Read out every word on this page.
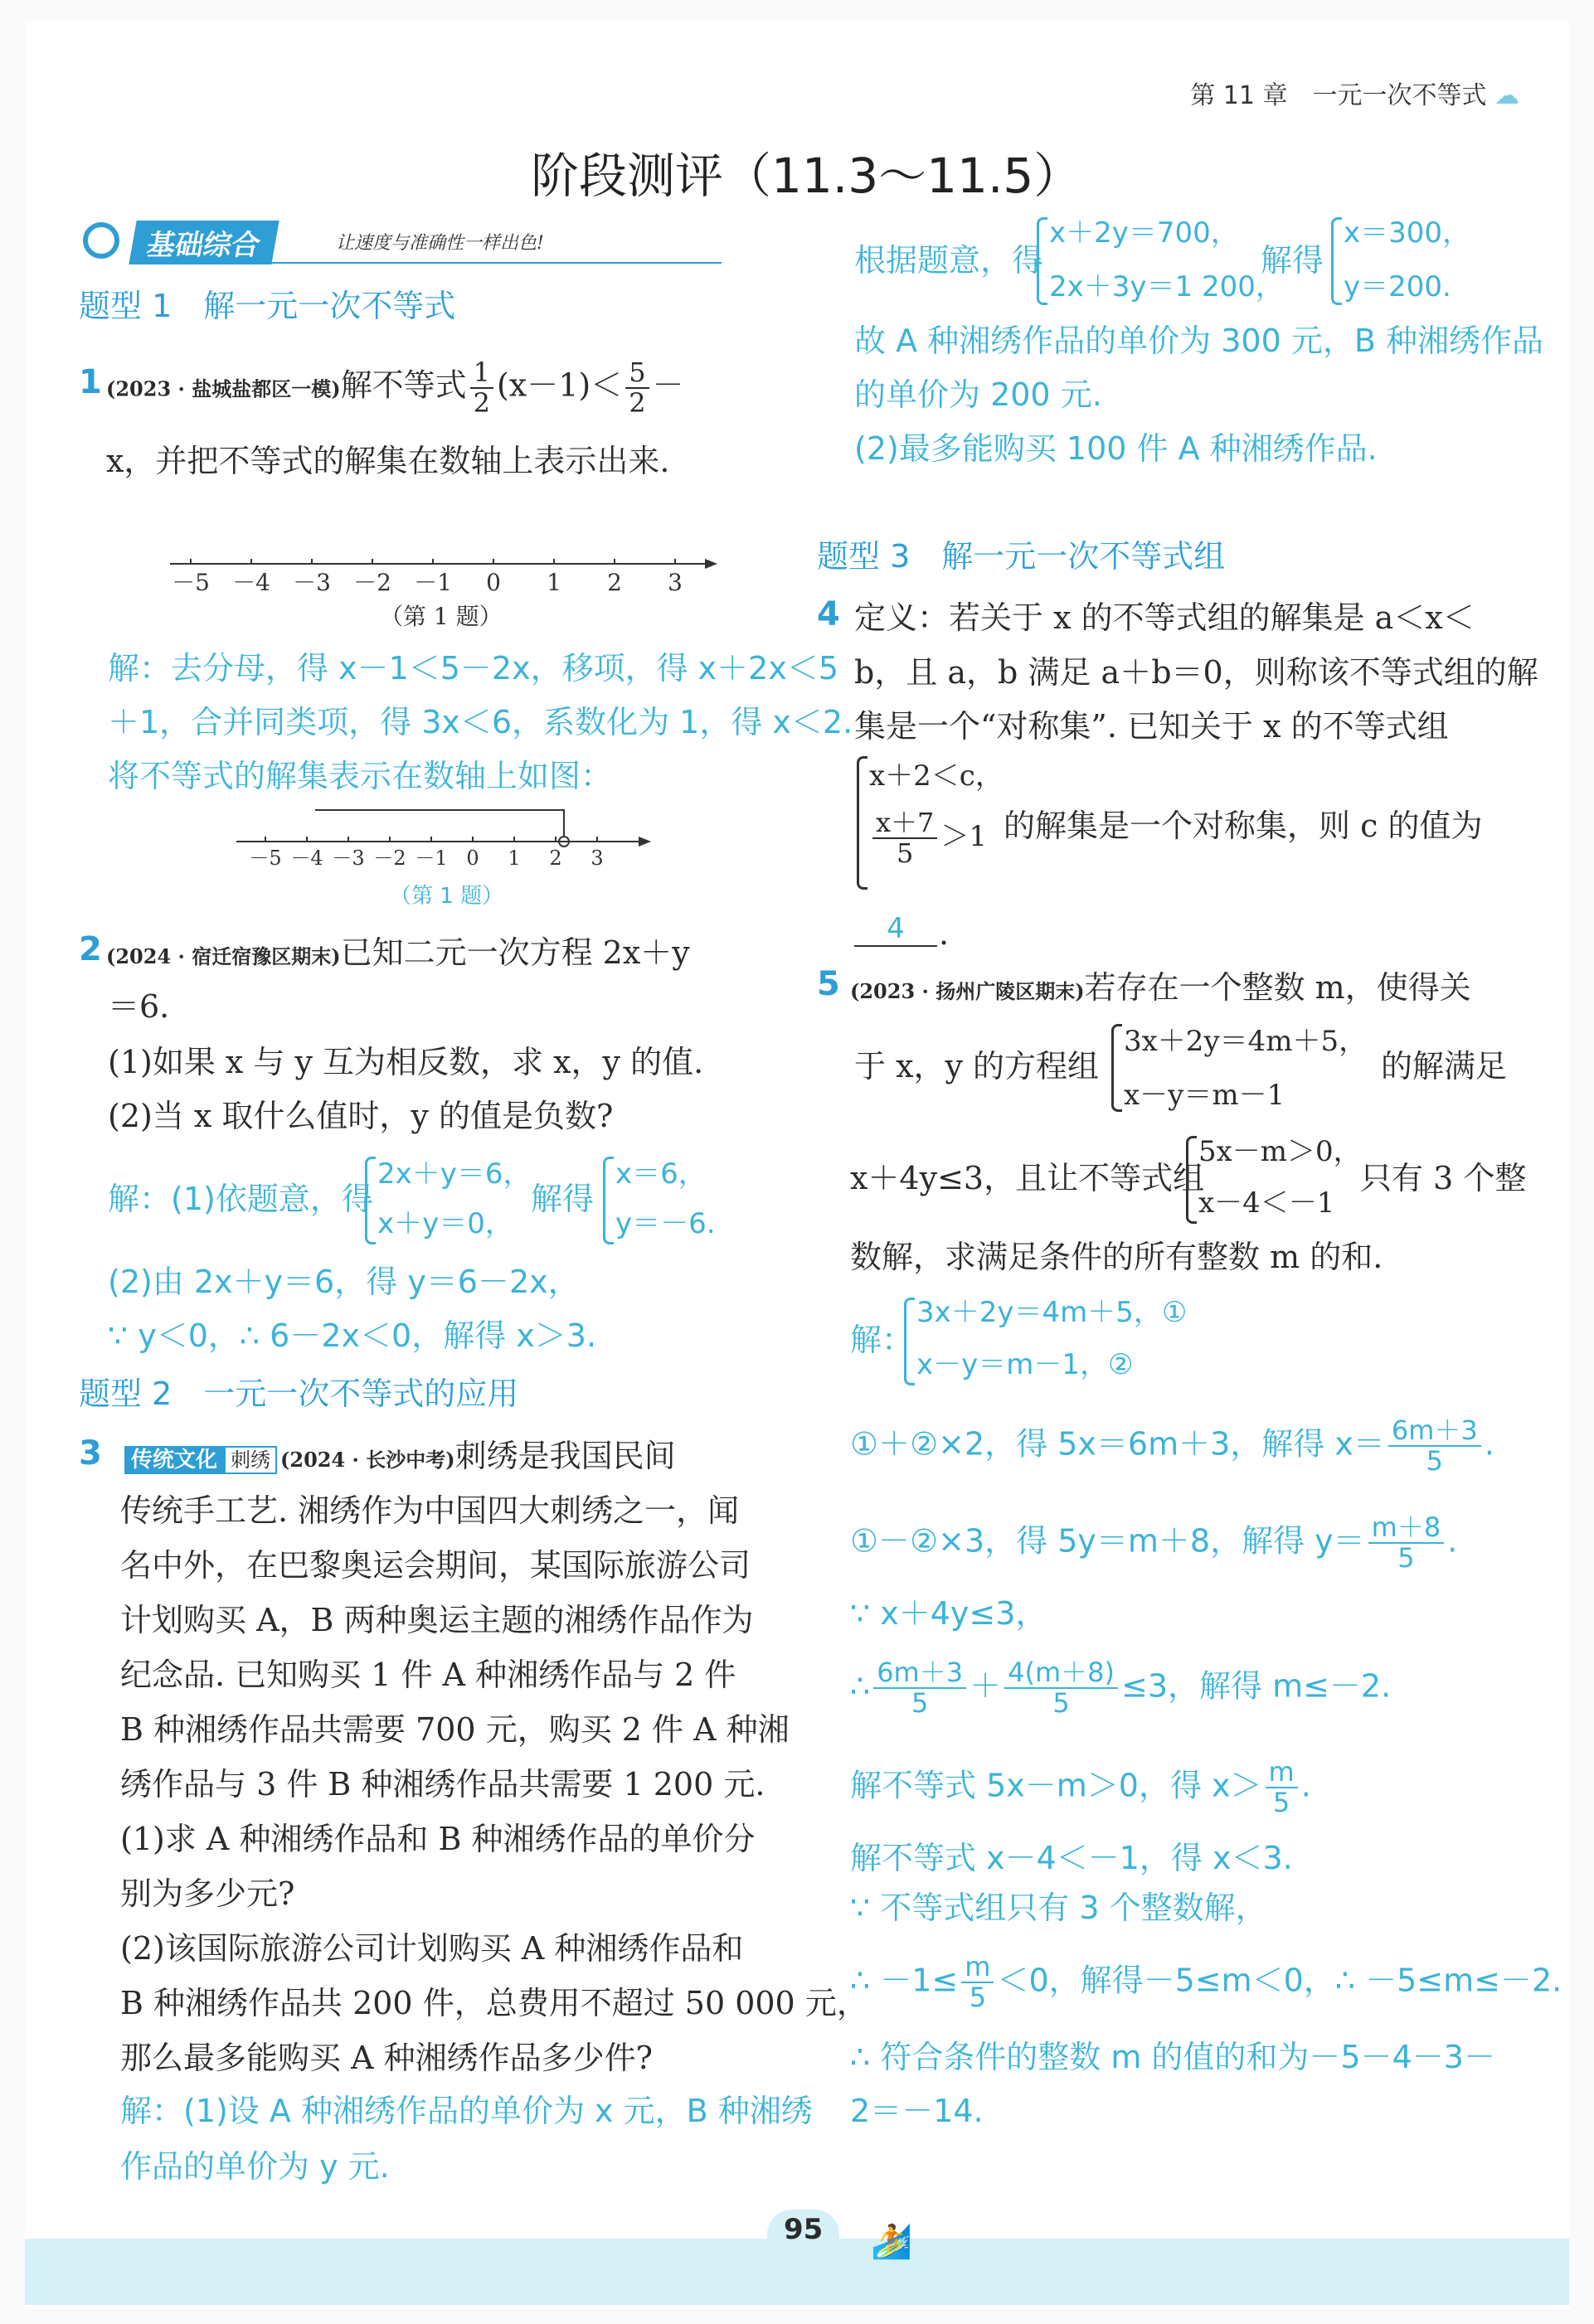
第 11 章　一元一次不等式 ☁
阶段测评（11.3～11.5）
基础综合	让速度与准确性一样出色!
题型 1　解一元一次不等式
1 (2023 · 盐城盐都区一模)解不等式 $\frac{1}{2} (x-1)< \frac{5}{2}$ －
x，并把不等式的解集在数轴上表示出来.
－5 －4 －3 －2 －1 0 1 2 3
（第 1 题）
解：去分母，得 x－1＜5－2x，移项，得 x＋2x＜5
＋1，合并同类项，得 3x＜6，系数化为 1，得 x＜2.
将不等式的解集表示在数轴上如图：
－5 －4 －3 －2 －1 0 1 2 3
（第 1 题）
2 (2024 · 宿迁宿豫区期末)已知二元一次方程 2x＋y
＝6.
(1)如果 x 与 y 互为相反数，求 x，y 的值.
(2)当 x 取什么值时，y 的值是负数?
解：(1)依题意，得
2x＋y＝6，
x＋y＝0，
解得
x＝6，
y＝－6.
(2)由 2x＋y＝6，得 y＝6－2x，
∵ y＜0，∴ 6－2x＜0，解得 x＞3.
题型 2　一元一次不等式的应用
3	传统文化 刺绣 (2024 · 长沙中考)刺绣是我国民间
传统手工艺. 湘绣作为中国四大刺绣之一，闻
名中外，在巴黎奥运会期间，某国际旅游公司
计划购买 A，B 两种奥运主题的湘绣作品作为
纪念品. 已知购买 1 件 A 种湘绣作品与 2 件
B 种湘绣作品共需要 700 元，购买 2 件 A 种湘
绣作品与 3 件 B 种湘绣作品共需要 1 200 元.
(1)求 A 种湘绣作品和 B 种湘绣作品的单价分
别为多少元?
(2)该国际旅游公司计划购买 A 种湘绣作品和
B 种湘绣作品共 200 件，总费用不超过 50 000 元，
那么最多能购买 A 种湘绣作品多少件?
解：(1)设 A 种湘绣作品的单价为 x 元，B 种湘绣
作品的单价为 y 元.
根据题意，得
x＋2y＝700，
2x＋3y＝1 200，
解得
x＝300，
y＝200.
故 A 种湘绣作品的单价为 300 元，B 种湘绣作品
的单价为 200 元.
(2)最多能购买 100 件 A 种湘绣作品.
题型 3　解一元一次不等式组
4 定义：若关于 x 的不等式组的解集是 a＜x＜
b，且 a，b 满足 a＋b＝0，则称该不等式组的解
集是一个“对称集”. 已知关于 x 的不等式组
x＋2＜c，
$\frac{x+7}{5} >1$ 的解集是一个对称集，则 c 的值为
4	.
5 (2023 · 扬州广陵区期末)若存在一个整数 m，使得关
于 x，y 的方程组
3x＋2y＝4m＋5，
x－y＝m－1
的解满足
x＋4y≤3，且让不等式组
5x－m＞0，
x－4＜－1
只有 3 个整
数解，求满足条件的所有整数 m 的和.
解：
3x＋2y＝4m＋5，①
x－y＝m－1，②
①＋②×2，得 5x＝6m＋3，解得 $x= \frac{6m+3}{5}$ .
①－②×3，得 5y＝m＋8，解得 $y= \frac{m+8}{5}$ .
∵ x＋4y≤3，
∴ $\frac{6m+3}{5} + \frac{4(m+8)}{5} \le 3$，解得 m≤－2.
解不等式 5x－m＞0，得 $x> \frac{m}{5}$ .
解不等式 x－4＜－1，得 x＜3.
∵ 不等式组只有 3 个整数解，
∴ $-1\le \frac{m}{5} <0$，解得－5≤m＜0，∴ －5≤m≤－2.
∴ 符合条件的整数 m 的值的和为－5－4－3－
2＝－14.
95	🏄
